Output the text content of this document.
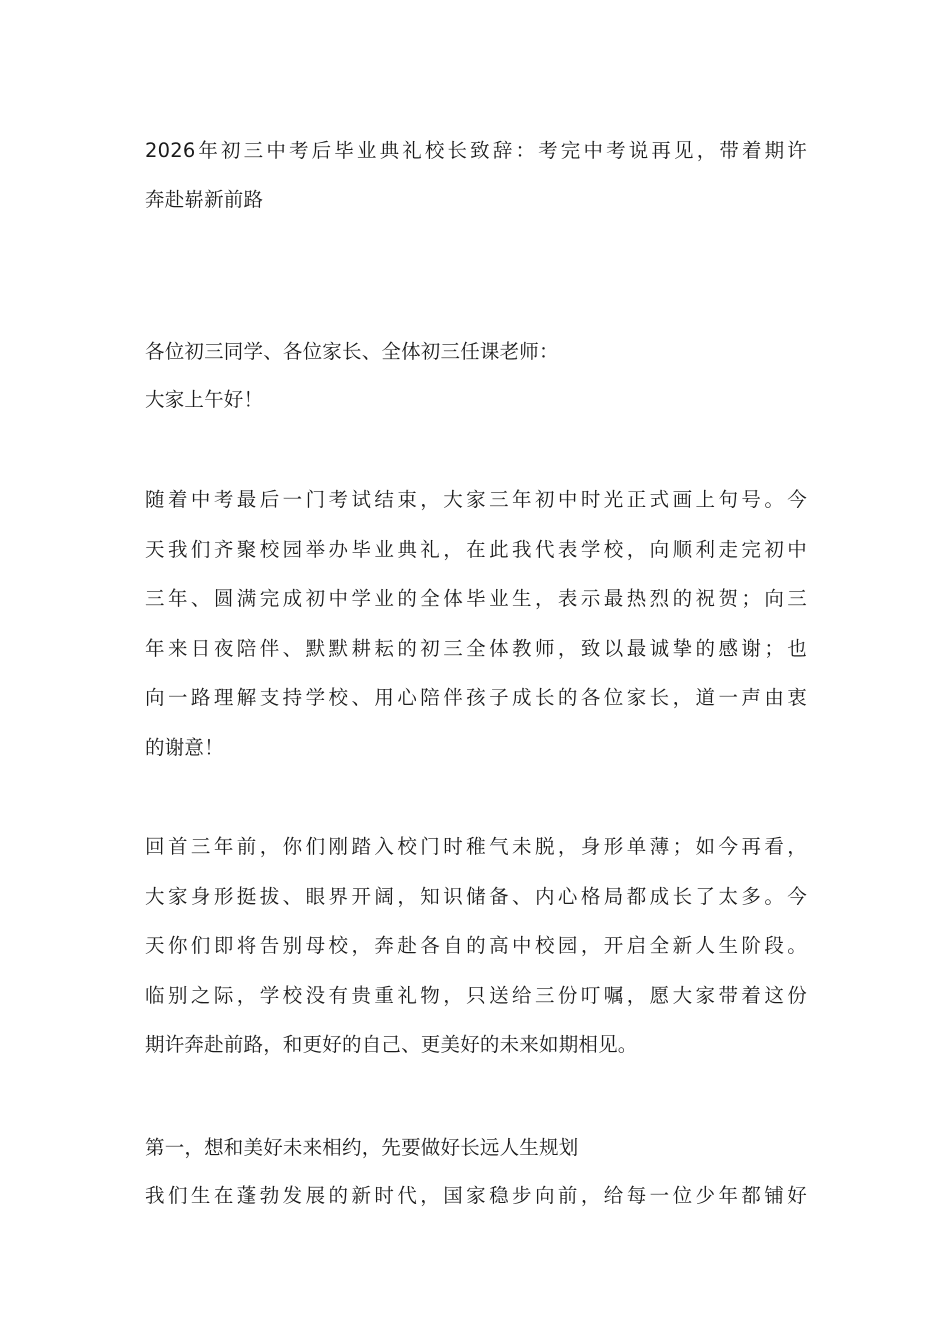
2026年初三中考后毕业典礼校长致辞：考完中考说再见，带着期许
奔赴崭新前路
各位初三同学、各位家长、全体初三任课老师：
大家上午好！
随着中考最后一门考试结束，大家三年初中时光正式画上句号。今
天我们齐聚校园举办毕业典礼，在此我代表学校，向顺利走完初中
三年、圆满完成初中学业的全体毕业生，表示最热烈的祝贺；向三
年来日夜陪伴、默默耕耘的初三全体教师，致以最诚挚的感谢；也
向一路理解支持学校、用心陪伴孩子成长的各位家长，道一声由衷
的谢意！
回首三年前，你们刚踏入校门时稚气未脱，身形单薄；如今再看，
大家身形挺拔、眼界开阔，知识储备、内心格局都成长了太多。今
天你们即将告别母校，奔赴各自的高中校园，开启全新人生阶段。
临别之际，学校没有贵重礼物，只送给三份叮嘱，愿大家带着这份
期许奔赴前路，和更好的自己、更美好的未来如期相见。
第一，想和美好未来相约，先要做好长远人生规划
我们生在蓬勃发展的新时代，国家稳步向前，给每一位少年都铺好
